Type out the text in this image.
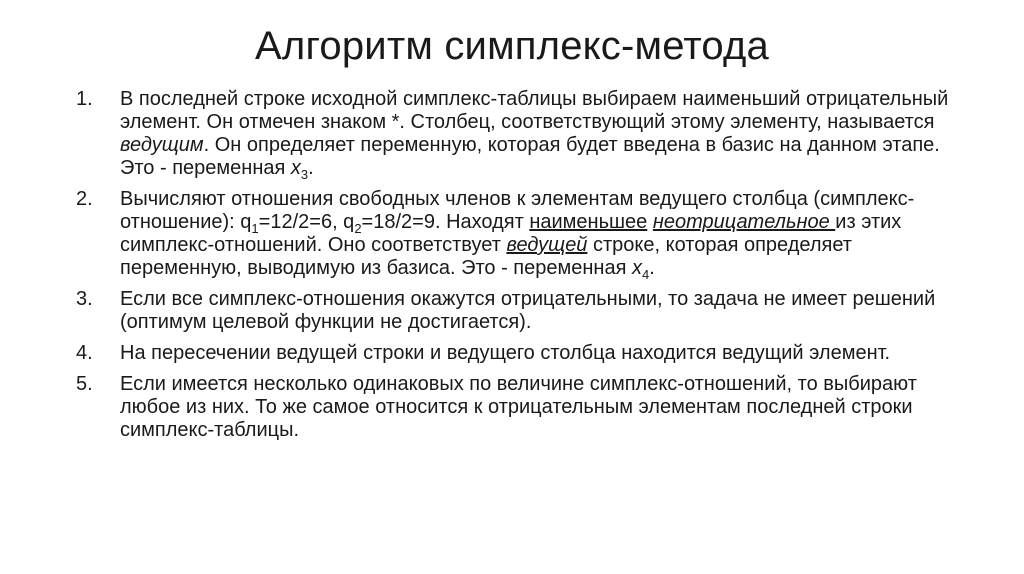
Алгоритм симплекс-метода
1.	В последней строке исходной симплекс-таблицы выбираем наименьший отрицательный элемент. Он отмечен знаком *. Столбец, соответствующий этому элементу, называется ведущим. Он определяет переменную, которая будет введена в базис на данном этапе. Это - переменная $x_3$.
2.	Вычисляют отношения свободных членов к элементам ведущего столбца (симплекс-отношение): $q_1=12/2=6$, $q_2=18/2=9$. Находят наименьшее неотрицательное из этих симплекс-отношений. Оно соответствует ведущей строке, которая определяет переменную, выводимую из базиса. Это - переменная $x_4$.
3.	Если все симплекс-отношения окажутся отрицательными, то задача не имеет решений (оптимум целевой функции не достигается).
4.	На пересечении ведущей строки и ведущего столбца находится ведущий элемент.
5.	Если имеется несколько одинаковых по величине симплекс-отношений, то выбирают любое из них. То же самое относится к отрицательным элементам последней строки симплекс-таблицы.
